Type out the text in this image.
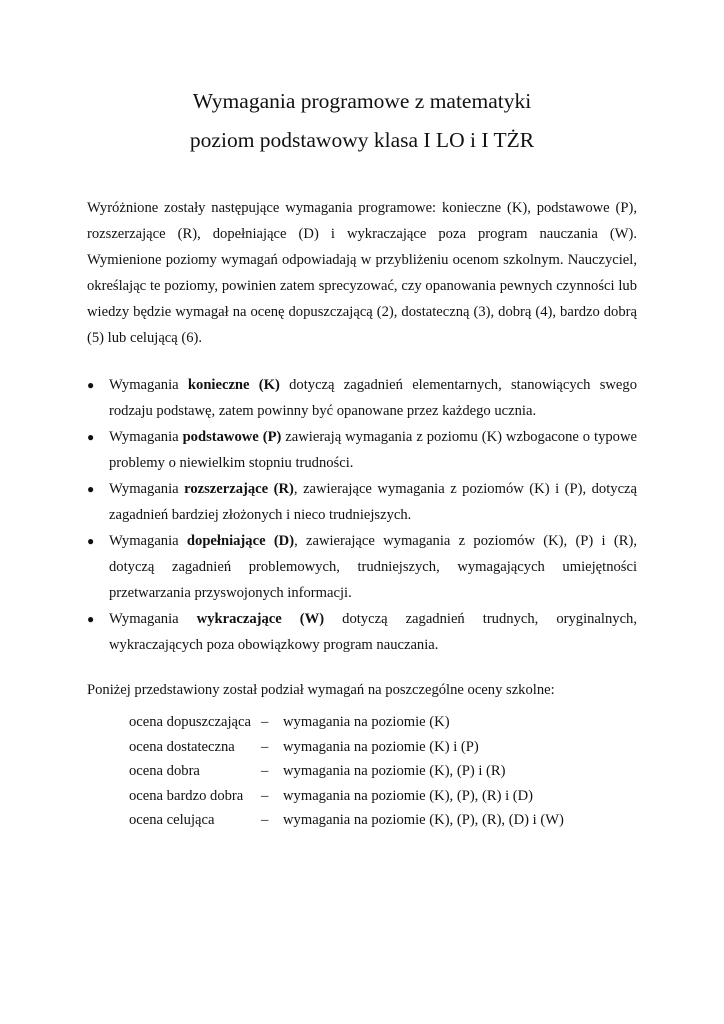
Wymagania programowe z matematyki
poziom podstawowy klasa I LO i I TŻR

Wyróżnione zostały następujące wymagania programowe: konieczne (K), podstawowe (P), rozszerzające (R), dopełniające (D) i wykraczające poza program nauczania (W). Wymienione poziomy wymagań odpowiadają w przybliżeniu ocenom szkolnym. Nauczyciel, określając te poziomy, powinien zatem sprecyzować, czy opanowania pewnych czynności lub wiedzy będzie wymagał na ocenę dopuszczającą (2), dostateczną (3), dobrą (4), bardzo dobrą (5) lub celującą (6).

●	Wymagania konieczne (K) dotyczą zagadnień elementarnych, stanowiących swego rodzaju podstawę, zatem powinny być opanowane przez każdego ucznia.
●	Wymagania podstawowe (P) zawierają wymagania z poziomu (K) wzbogacone o typowe problemy o niewielkim stopniu trudności.
●	Wymagania rozszerzające (R), zawierające wymagania z poziomów (K) i (P), dotyczą zagadnień bardziej złożonych i nieco trudniejszych.
●	Wymagania dopełniające (D), zawierające wymagania z poziomów (K), (P) i (R), dotyczą zagadnień problemowych, trudniejszych, wymagających umiejętności przetwarzania przyswojonych informacji.
●	Wymagania wykraczające (W) dotyczą zagadnień trudnych, oryginalnych, wykraczających poza obowiązkowy program nauczania.

Poniżej przedstawiony został podział wymagań na poszczególne oceny szkolne:

ocena dopuszczająca	–	wymagania na poziomie (K)
ocena dostateczna	–	wymagania na poziomie (K) i (P)
ocena dobra	–	wymagania na poziomie (K), (P) i (R)
ocena bardzo dobra	–	wymagania na poziomie (K), (P), (R) i (D)
ocena celująca	–	wymagania na poziomie (K), (P), (R), (D) i (W)
